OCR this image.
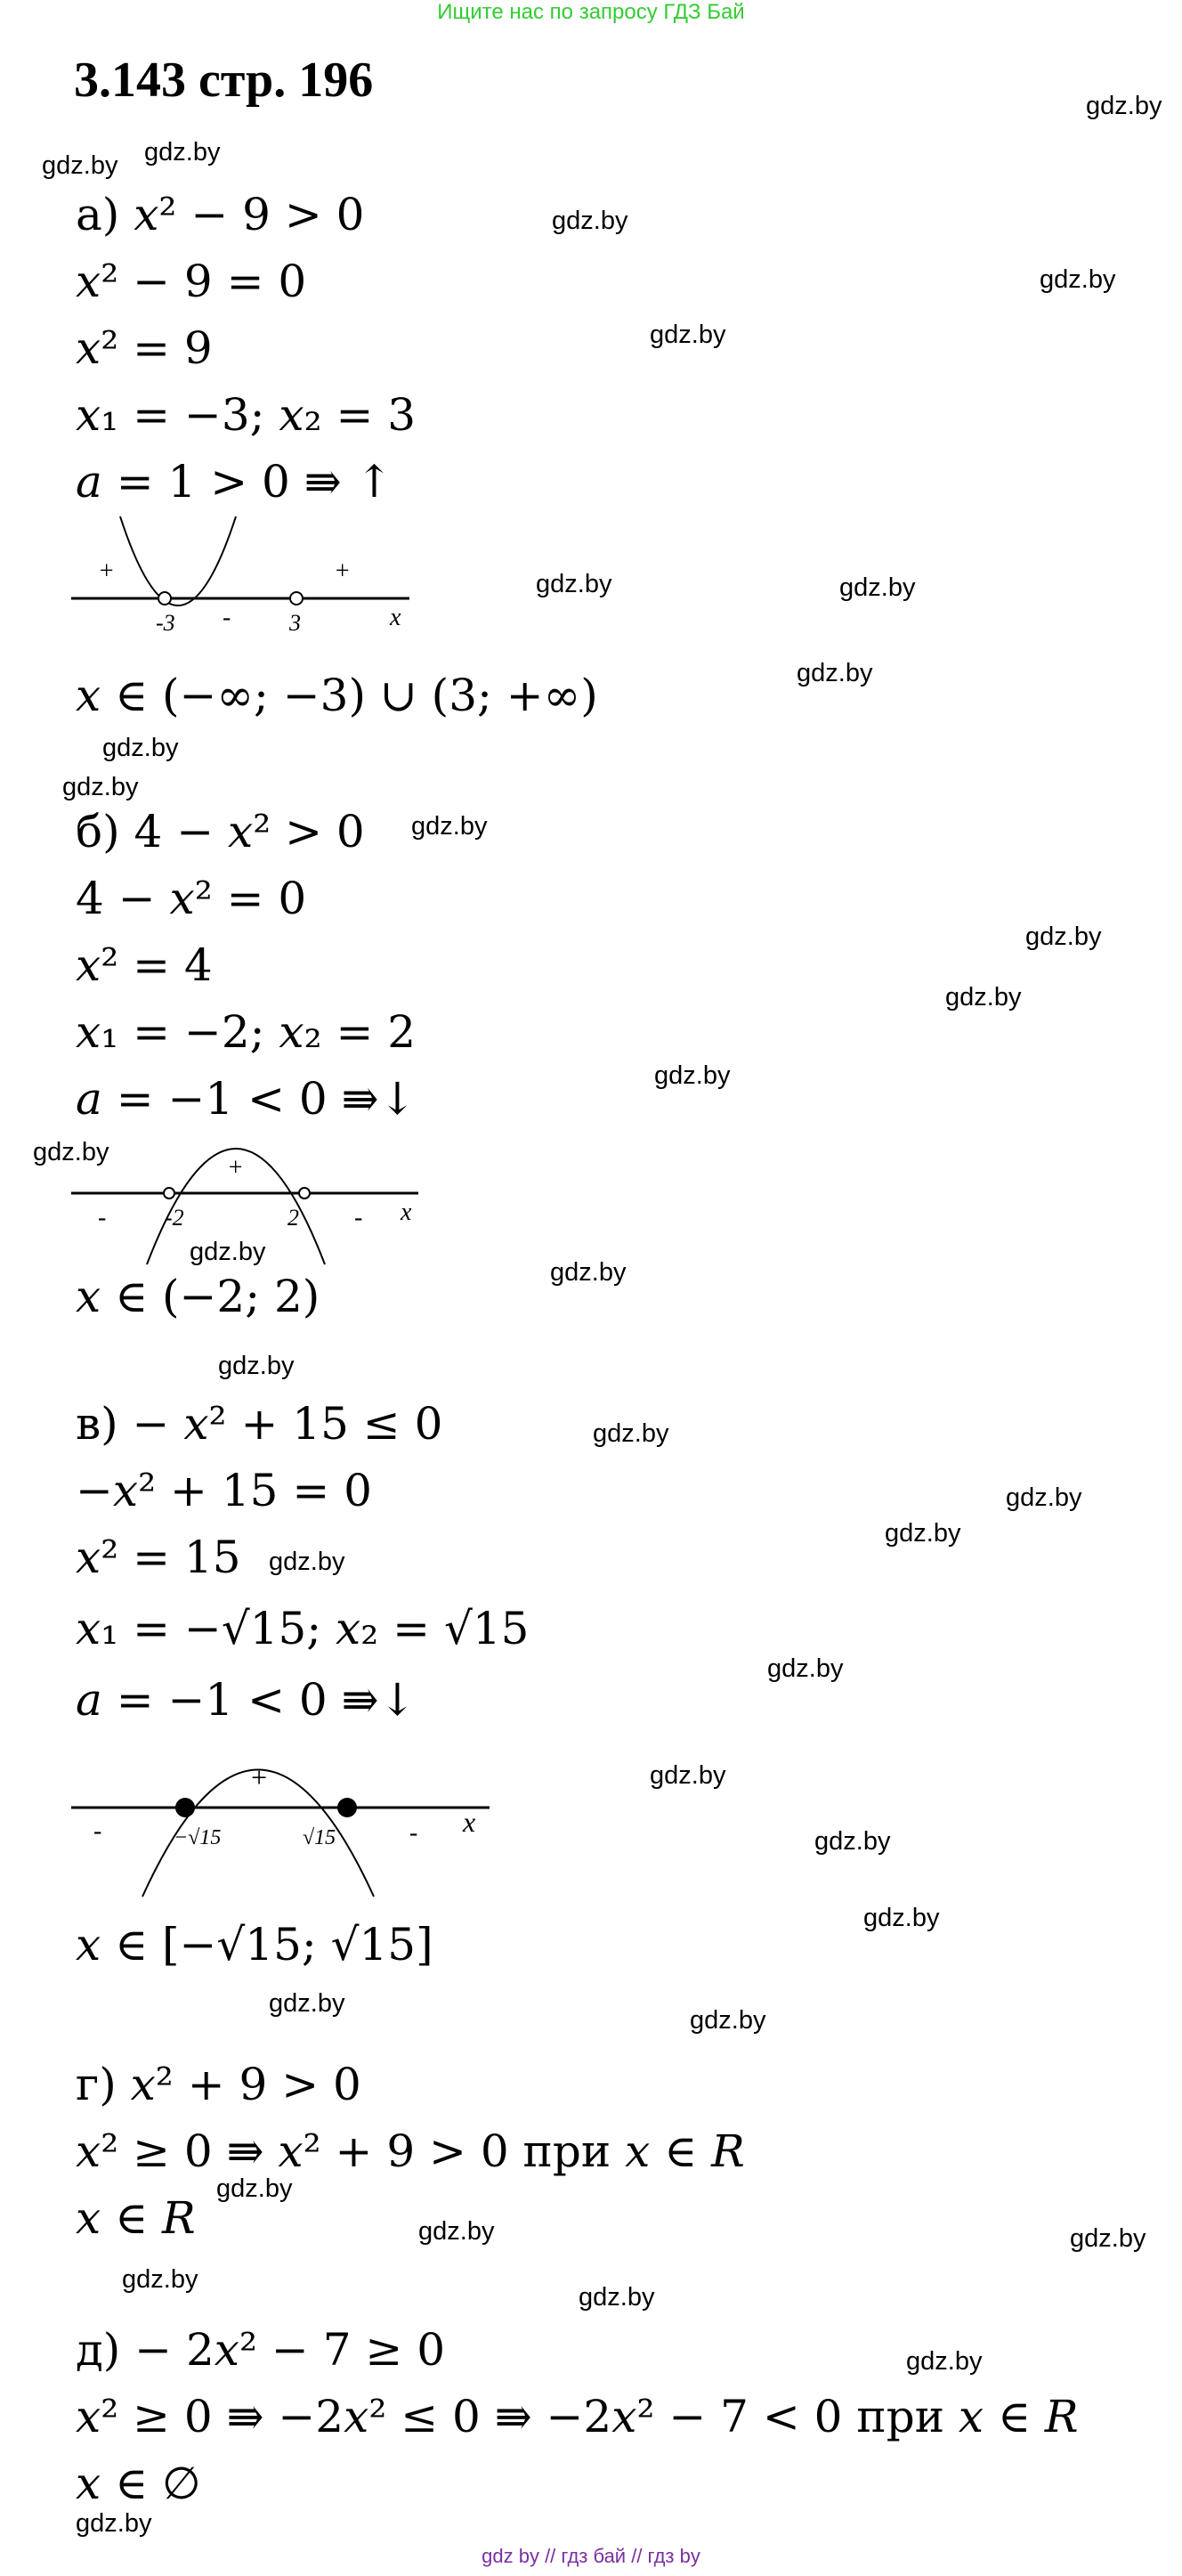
Ищите нас по запросу ГДЗ Бай
3.143 стр. 196
а) 𝑥² − 9 > 0
𝑥² − 9 = 0
𝑥² = 9
𝑥₁ = −3; 𝑥₂ = 3
𝑎 = 1 > 0 ⇛ ↑
-3	3
+	+
-	x
𝑥 ∈ (−∞; −3) ∪ (3; +∞)
б) 4 − 𝑥² > 0
4 − 𝑥² = 0
𝑥² = 4
𝑥₁ = −2; 𝑥₂ = 2
𝑎 = −1 < 0 ⇛↓
-2	2
+
-	- x
𝑥 ∈ (−2; 2)
в) − 𝑥² + 15 ≤ 0
−𝑥² + 15 = 0
𝑥² = 15
𝑥₁ = −√15; 𝑥₂ = √15
𝑎 = −1 < 0 ⇛↓
−√15	√15
+
-	- x
𝑥 ∈ [−√15; √15]
г) 𝑥² + 9 > 0
𝑥² ≥ 0 ⇛ 𝑥² + 9 > 0 при 𝑥 ∈ 𝑅
𝑥 ∈ 𝑅
д) − 2𝑥² − 7 ≥ 0
𝑥² ≥ 0 ⇛ −2𝑥² ≤ 0 ⇛ −2𝑥² − 7 < 0 при 𝑥 ∈ 𝑅
𝑥 ∈ ∅
gdz.by
gdz.by
gdz.by
gdz.by
gdz.by
gdz.by
gdz.by	gdz.by
gdz.by
gdz.by
gdz.by
gdz.by
gdz.by
gdz.by
gdz.by
gdz.by
gdz.by
gdz.by
gdz.by
gdz.by
gdz.by
gdz.by
gdz.by
gdz.by
gdz.by
gdz.by
gdz.by
gdz.by
gdz.by
gdz.by
gdz.by	gdz.by
gdz.by
gdz.by
gdz.by
gdz.by
gdz by // гдз бай // гдз by
